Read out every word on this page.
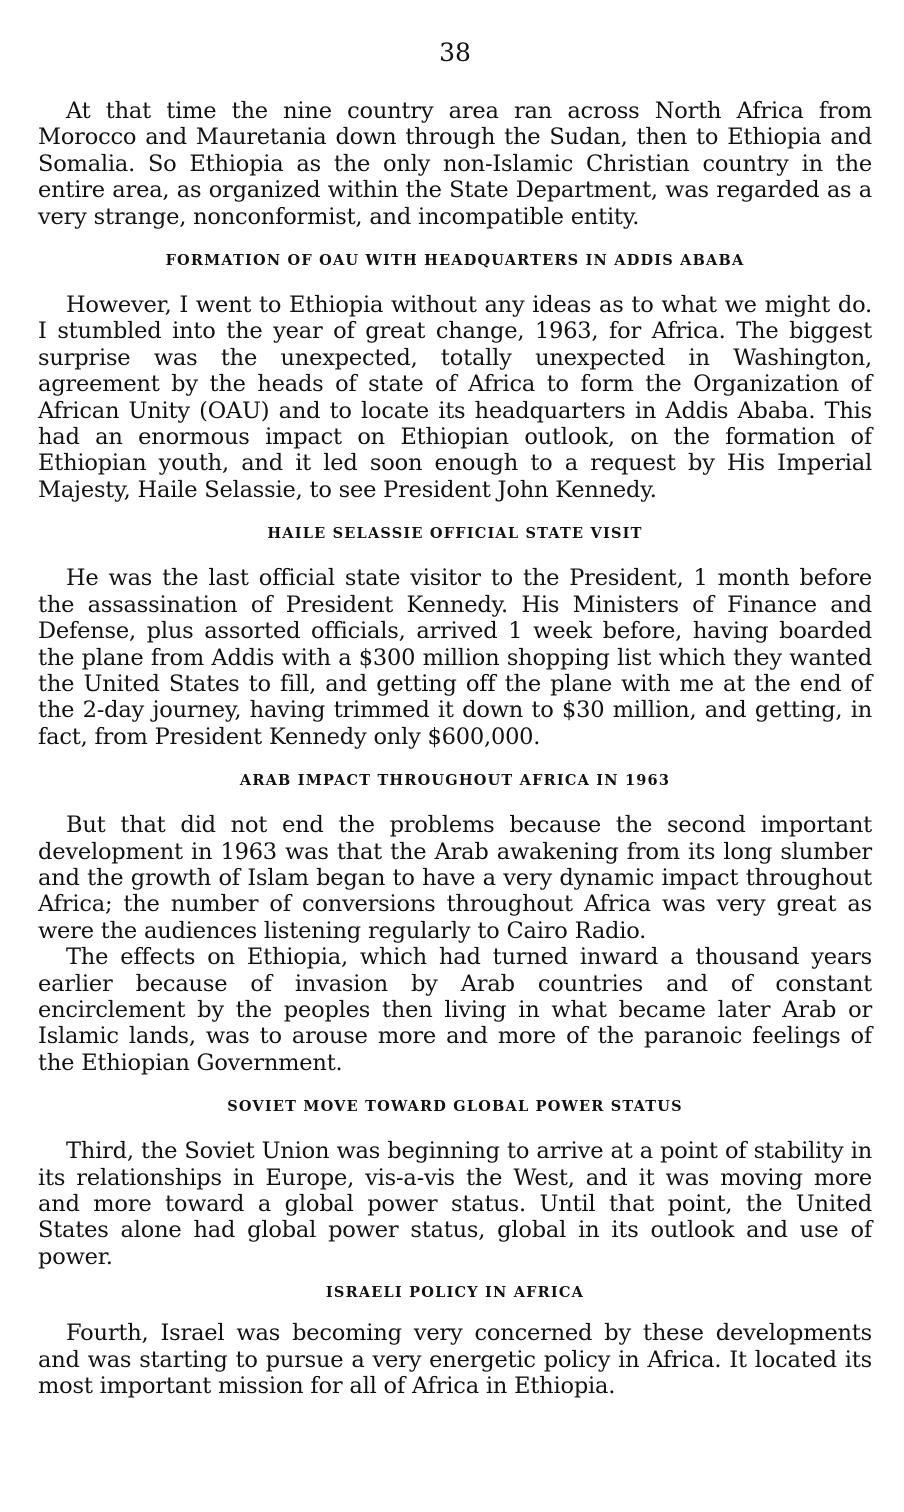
38

At that time the nine country area ran across North Africa from Morocco and Mauretania down through the Sudan, then to Ethiopia and Somalia. So Ethiopia as the only non-Islamic Christian country in the entire area, as organized within the State Department, was regarded as a very strange, nonconformist, and incompatible entity.

FORMATION OF OAU WITH HEADQUARTERS IN ADDIS ABABA

However, I went to Ethiopia without any ideas as to what we might do. I stumbled into the year of great change, 1963, for Africa. The biggest surprise was the unexpected, totally unexpected in Washington, agreement by the heads of state of Africa to form the Organization of African Unity (OAU) and to locate its headquarters in Addis Ababa. This had an enormous impact on Ethiopian outlook, on the formation of Ethiopian youth, and it led soon enough to a request by His Imperial Majesty, Haile Selassie, to see President John Kennedy.

HAILE SELASSIE OFFICIAL STATE VISIT

He was the last official state visitor to the President, 1 month before the assassination of President Kennedy. His Ministers of Finance and Defense, plus assorted officials, arrived 1 week before, having boarded the plane from Addis with a $300 million shopping list which they wanted the United States to fill, and getting off the plane with me at the end of the 2-day journey, having trimmed it down to $30 million, and getting, in fact, from President Kennedy only $600,000.

ARAB IMPACT THROUGHOUT AFRICA IN 1963

But that did not end the problems because the second important development in 1963 was that the Arab awakening from its long slumber and the growth of Islam began to have a very dynamic impact throughout Africa; the number of conversions throughout Africa was very great as were the audiences listening regularly to Cairo Radio.

The effects on Ethiopia, which had turned inward a thousand years earlier because of invasion by Arab countries and of constant encirclement by the peoples then living in what became later Arab or Islamic lands, was to arouse more and more of the paranoic feelings of the Ethiopian Government.

SOVIET MOVE TOWARD GLOBAL POWER STATUS

Third, the Soviet Union was beginning to arrive at a point of stability in its relationships in Europe, vis-a-vis the West, and it was moving more and more toward a global power status. Until that point, the United States alone had global power status, global in its outlook and use of power.

ISRAELI POLICY IN AFRICA

Fourth, Israel was becoming very concerned by these developments and was starting to pursue a very energetic policy in Africa. It located its most important mission for all of Africa in Ethiopia.
